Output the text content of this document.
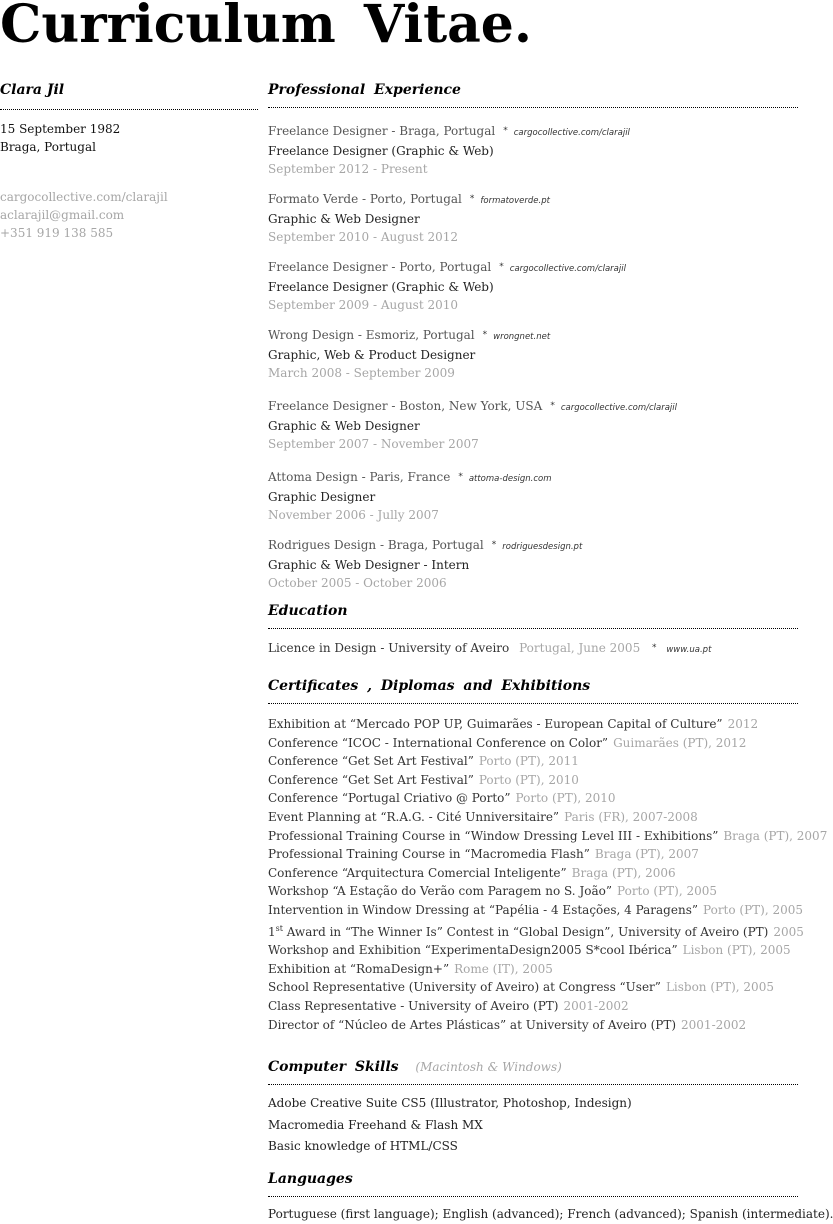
Curriculum Vitae.
Clara Jil
15 September 1982
Braga, Portugal
cargocollective.com/clarajil
aclarajil@gmail.com
+351 919 138 585
Professional Experience
Freelance Designer - Braga, Portugal * cargocollective.com/clarajil
Freelance Designer (Graphic & Web)
September 2012 - Present
Formato Verde - Porto, Portugal * formatoverde.pt
Graphic & Web Designer
September 2010 - August 2012
Freelance Designer - Porto, Portugal * cargocollective.com/clarajil
Freelance Designer (Graphic & Web)
September 2009 - August 2010
Wrong Design - Esmoriz, Portugal * wrongnet.net
Graphic, Web & Product Designer
March 2008 - September 2009
Freelance Designer - Boston, New York, USA * cargocollective.com/clarajil
Graphic & Web Designer
September 2007 - November 2007
Attoma Design - Paris, France * attoma-design.com
Graphic Designer
November 2006 - Jully 2007
Rodrigues Design - Braga, Portugal * rodriguesdesign.pt
Graphic & Web Designer - Intern
October 2005 - October 2006
Education
Licence in Design - University of Aveiro Portugal, June 2005 * www.ua.pt
Certificates , Diplomas and Exhibitions
Exhibition at “Mercado POP UP, Guimarães - European Capital of Culture” 2012
Conference “ICOC - International Conference on Color” Guimarães (PT), 2012
Conference “Get Set Art Festival” Porto (PT), 2011
Conference “Get Set Art Festival” Porto (PT), 2010
Conference “Portugal Criativo @ Porto” Porto (PT), 2010
Event Planning at “R.A.G. - Cité Unniversitaire” Paris (FR), 2007-2008
Professional Training Course in “Window Dressing Level III - Exhibitions” Braga (PT), 2007
Professional Training Course in “Macromedia Flash” Braga (PT), 2007
Conference “Arquitectura Comercial Inteligente” Braga (PT), 2006
Workshop “A Estação do Verão com Paragem no S. João” Porto (PT), 2005
Intervention in Window Dressing at “Papélia - 4 Estações, 4 Paragens” Porto (PT), 2005
1st Award in “The Winner Is” Contest in “Global Design”, University of Aveiro (PT) 2005
Workshop and Exhibition “ExperimentaDesign2005 S*cool Ibérica” Lisbon (PT), 2005
Exhibition at “RomaDesign+” Rome (IT), 2005
School Representative (University of Aveiro) at Congress “User” Lisbon (PT), 2005
Class Representative - University of Aveiro (PT) 2001-2002
Director of “Núcleo de Artes Plásticas” at University of Aveiro (PT) 2001-2002
Computer Skills (Macintosh & Windows)
Adobe Creative Suite CS5 (Illustrator, Photoshop, Indesign)
Macromedia Freehand & Flash MX
Basic knowledge of HTML/CSS
Languages
Portuguese (first language); English (advanced); French (advanced); Spanish (intermediate).
